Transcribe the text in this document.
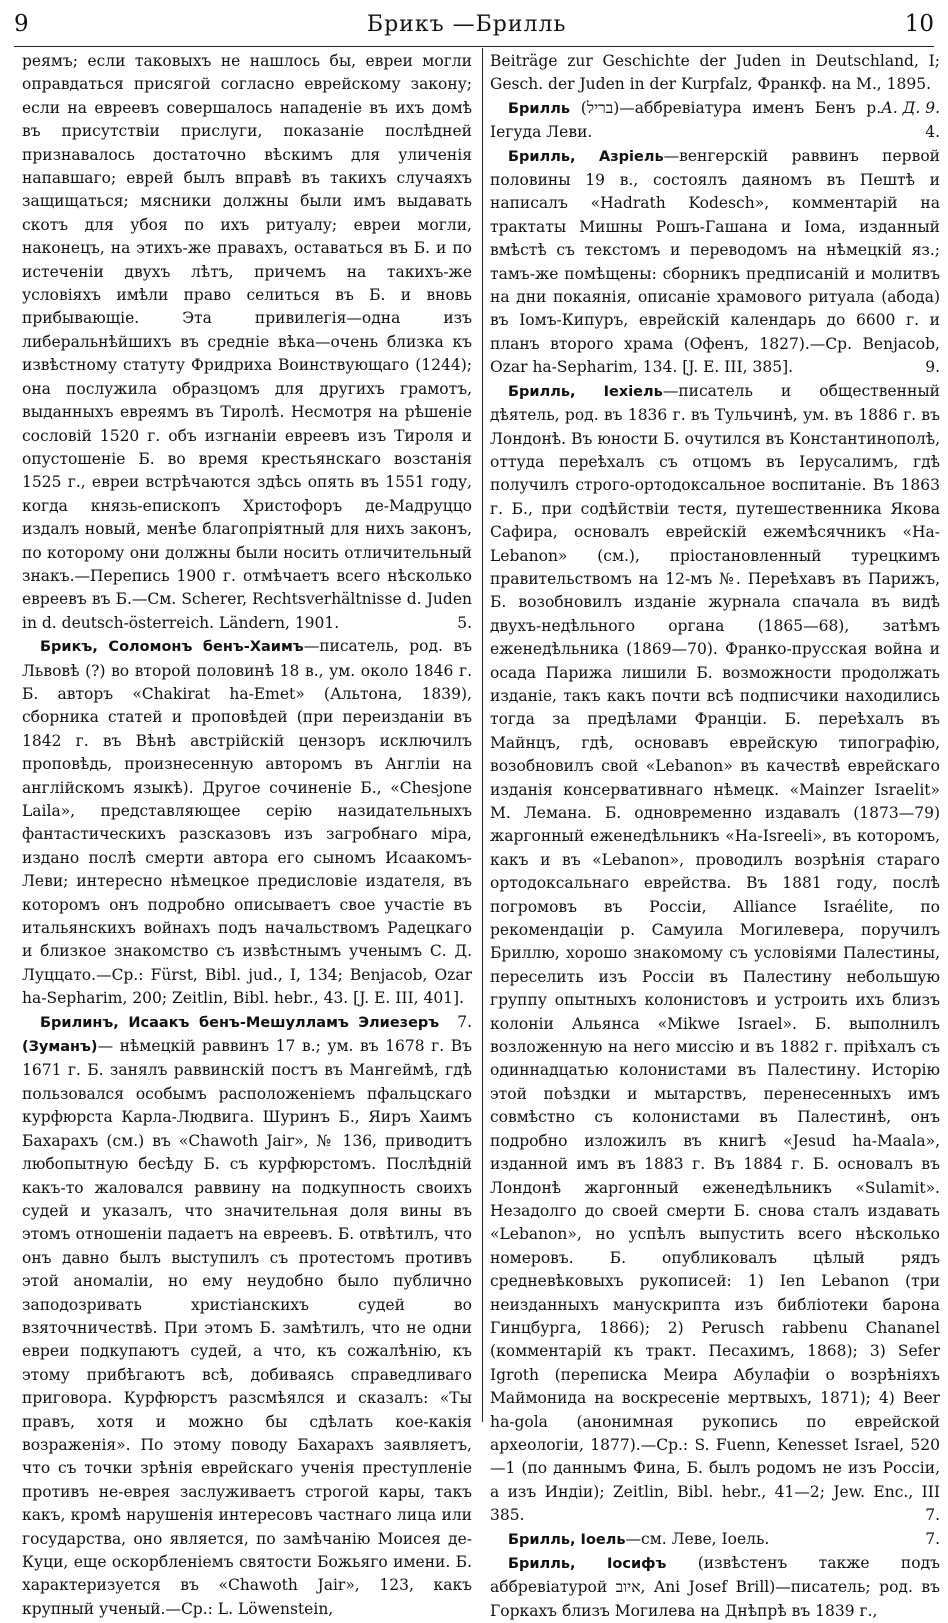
9	Брикъ —Брилль	10

реямъ; если таковыхъ не нашлось бы, евреи могли оправдаться присягой согласно еврейскому закону; если на евреевъ совершалось нападеніе въ ихъ домѣ въ присутствіи прислуги, показаніе послѣдней признавалось достаточно вѣскимъ для уличенія напавшаго; еврей былъ вправѣ въ такихъ случаяхъ защищаться; мясники должны были имъ выдавать скотъ для убоя по ихъ ритуалу; евреи могли, наконецъ, на этихъ-же правахъ, оставаться въ Б. и по истеченіи двухъ лѣтъ, причемъ на такихъ-же условіяхъ имѣли право селиться въ Б. и вновь прибывающіе. Эта привилегія—одна изъ либеральнѣйшихъ въ средніе вѣка—очень близка къ извѣстному статуту Фридриха Воинствующаго (1244); она послужила образцомъ для другихъ грамотъ, выданныхъ евреямъ въ Тиролѣ. Несмотря на рѣшеніе сословій 1520 г. объ изгнаніи евреевъ изъ Тироля и опустошеніе Б. во время крестьянскаго возстанія 1525 г., евреи встрѣчаются здѣсь опять въ 1551 году, когда князь-епископъ Христофоръ де-Мадруццо издалъ новый, менѣе благопріятный для нихъ законъ, по которому они должны были носить отличительный знакъ.—Перепись 1900 г. отмѣчаетъ всего нѣсколько евреевъ въ Б.—См. Scherer, Rechtsverhältnisse d. Juden in d. deutsch-österreich. Ländern, 1901.	5.

Брикъ, Соломонъ бенъ-Хаимъ—писатель, род. въ Львовѣ (?) во второй половинѣ 18 в., ум. около 1846 г. Б. авторъ «Chakirat ha-Emet» (Альтона, 1839), сборника статей и проповѣдей (при переизданіи въ 1842 г. въ Вѣнѣ австрійскій цензоръ исключилъ проповѣдь, произнесенную авторомъ въ Англіи на англійскомъ языкѣ). Другое сочиненіе Б., «Chesjone Laila», представляющее серію назидательныхъ фантастическихъ разсказовъ изъ загробнаго міра, издано послѣ смерти автора его сыномъ Исаакомъ-Леви; интересно нѣмецкое предисловіе издателя, въ которомъ онъ подробно описываетъ свое участіе въ итальянскихъ войнахъ подъ начальствомъ Радецкаго и близкое знакомство съ извѣстнымъ ученымъ С. Д. Луццато.—Ср.: Fürst, Bibl. jud., I, 134; Benjacob, Ozar ha-Sepharim, 200; Zeitlin, Bibl. hebr., 43. [J. E. III, 401].
7.

Брилинъ, Исаакъ бенъ-Мешулламъ Элиезеръ (Зуманъ)— нѣмецкій раввинъ 17 в.; ум. въ 1678 г. Въ 1671 г. Б. занялъ раввинскій постъ въ Мангеймѣ, гдѣ пользовался особымъ расположеніемъ пфальцскаго курфюрста Карла-Людвига. Шуринъ Б., Яиръ Хаимъ Бахарахъ (см.) въ «Chawoth Jair», № 136, приводитъ любопытную бесѣду Б. съ курфюрстомъ. Послѣдній какъ-то жаловался раввину на подкупность своихъ судей и указалъ, что значительная доля вины въ этомъ отношеніи падаетъ на евреевъ. Б. отвѣтилъ, что онъ давно былъ выступилъ съ протестомъ противъ этой аномаліи, но ему неудобно было публично заподозривать христіанскихъ судей во взяточничествѣ. При этомъ Б. замѣтилъ, что не одни евреи подкупаютъ судей, а что, къ сожалѣнію, къ этому прибѣгаютъ всѣ, добиваясь справедливаго приговора. Курфюрстъ разсмѣялся и сказалъ: «Ты правъ, хотя и можно бы сдѣлать кое-какія возраженія». По этому поводу Бахарахъ заявляетъ, что съ точки зрѣнія еврейскаго ученія преступленіе противъ не-еврея заслуживаетъ строгой кары, такъ какъ, кромѣ нарушенія интересовъ частнаго лица или государства, оно является, по замѣчанію Моисея де-Куци, еще оскорбленіемъ святости Божьяго имени. Б. характеризуется въ «Chawoth Jair», 123, какъ крупный ученый.—Ср.: L. Löwenstein,

Beiträge zur Geschichte der Juden in Deutschland, I; Gesch. der Juden in der Kurpfalz, Франкф. на М., 1895.
А. Д. 9.

Брилль (בריל)—аббревіатура именъ Бенъ р. Іегуда Леви.	4.

Брилль, Азріель—венгерскій раввинъ первой половины 19 в., состоялъ даяномъ въ Пештѣ и написалъ «Hadrath Kodesch», комментарій на трактаты Мишны Рошъ-Гашана и Іома, изданный вмѣстѣ съ текстомъ и переводомъ на нѣмецкій яз.; тамъ-же помѣщены: сборникъ предписаній и молитвъ на дни покаянія, описаніе храмового ритуала (абода) въ Іомъ-Кипуръ, еврейскій календарь до 6600 г. и планъ второго храма (Офенъ, 1827).—Ср. Benjacob, Ozar ha-Sepharim, 134. [J. E. III, 385].	9.

Брилль, Іехіель—писатель и общественный дѣятель, род. въ 1836 г. въ Тульчинѣ, ум. въ 1886 г. въ Лондонѣ. Въ юности Б. очутился въ Константинополѣ, оттуда переѣхалъ съ отцомъ въ Іерусалимъ, гдѣ получилъ строго-ортодоксальное воспитаніе. Въ 1863 г. Б., при содѣйствіи тестя, путешественника Якова Сафира, основалъ еврейскій ежемѣсячникъ «Ha-Lebanon» (см.), пріостановленный турецкимъ правительствомъ на 12-мъ №. Переѣхавъ въ Парижъ, Б. возобновилъ изданіе журнала спачала въ видѣ двухъ-недѣльного органа (1865—68), затѣмъ еженедѣльника (1869—70). Франко-прусская война и осада Парижа лишили Б. возможности продолжать изданіе, такъ какъ почти всѣ подписчики находились тогда за предѣлами Франціи. Б. переѣхалъ въ Майнцъ, гдѣ, основавъ еврейскую типографію, возобновилъ свой «Lebanon» въ качествѣ еврейскаго изданія консервативнаго нѣмецк. «Mainzer Israelit» М. Лемана. Б. одновременно издавалъ (1873—79) жаргонный еженедѣльникъ «Ha-Isreeli», въ которомъ, какъ и въ «Lebanon», проводилъ возрѣнія стараго ортодоксальнаго еврейства. Въ 1881 году, послѣ погромовъ въ Россіи, Alliance Israélite, по рекомендаціи р. Самуила Могилевера, поручилъ Бриллю, хорошо знакомому съ условіями Палестины, переселить изъ Россіи въ Палестину небольшую группу опытныхъ колонистовъ и устроить ихъ близъ колоніи Альянса «Mikwe Israel». Б. выполнилъ возложенную на него миссію и въ 1882 г. пріѣхалъ съ одиннадцатью колонистами въ Палестину. Исторію этой поѣздки и мытарствъ, перенесенныхъ имъ совмѣстно съ колонистами въ Палестинѣ, онъ подробно изложилъ въ книгѣ «Jesud ha-Maala», изданной имъ въ 1883 г. Въ 1884 г. Б. основалъ въ Лондонѣ жаргонный еженедѣльникъ «Sulamit». Незадолго до своей смерти Б. снова сталъ издавать «Lebanon», но успѣлъ выпустить всего нѣсколько номеровъ. Б. опубликовалъ цѣлый рядъ средневѣковыхъ рукописей: 1) Ien Lebanon (три неизданныхъ манускрипта изъ библіотеки барона Гинцбурга, 1866); 2) Perusch rabbenu Chananel (комментарій къ тракт. Песахимъ, 1868); 3) Sefer Igroth (переписка Меира Абулафіи о возрѣніяхъ Маймонида на воскресеніе мертвыхъ, 1871); 4) Beer ha-gola (анонимная рукопись по еврейской археологіи, 1877).—Ср.: S. Fuenn, Kenesset Israel, 520—1 (по даннымъ Фина, Б. былъ родомъ не изъ Россіи, а изъ Индіи); Zeitlin, Bibl. hebr., 41—2; Jew. Enc., III 385.	7.

Брилль, Іоель—см. Леве, Іоель.	7.

Брилль, Іосифъ (извѣстенъ также подъ аббревіатурой איוב, Ani Josef Brill)—писатель; род. въ Горкахъ близъ Могилева на Днѣпрѣ въ 1839 г.,
